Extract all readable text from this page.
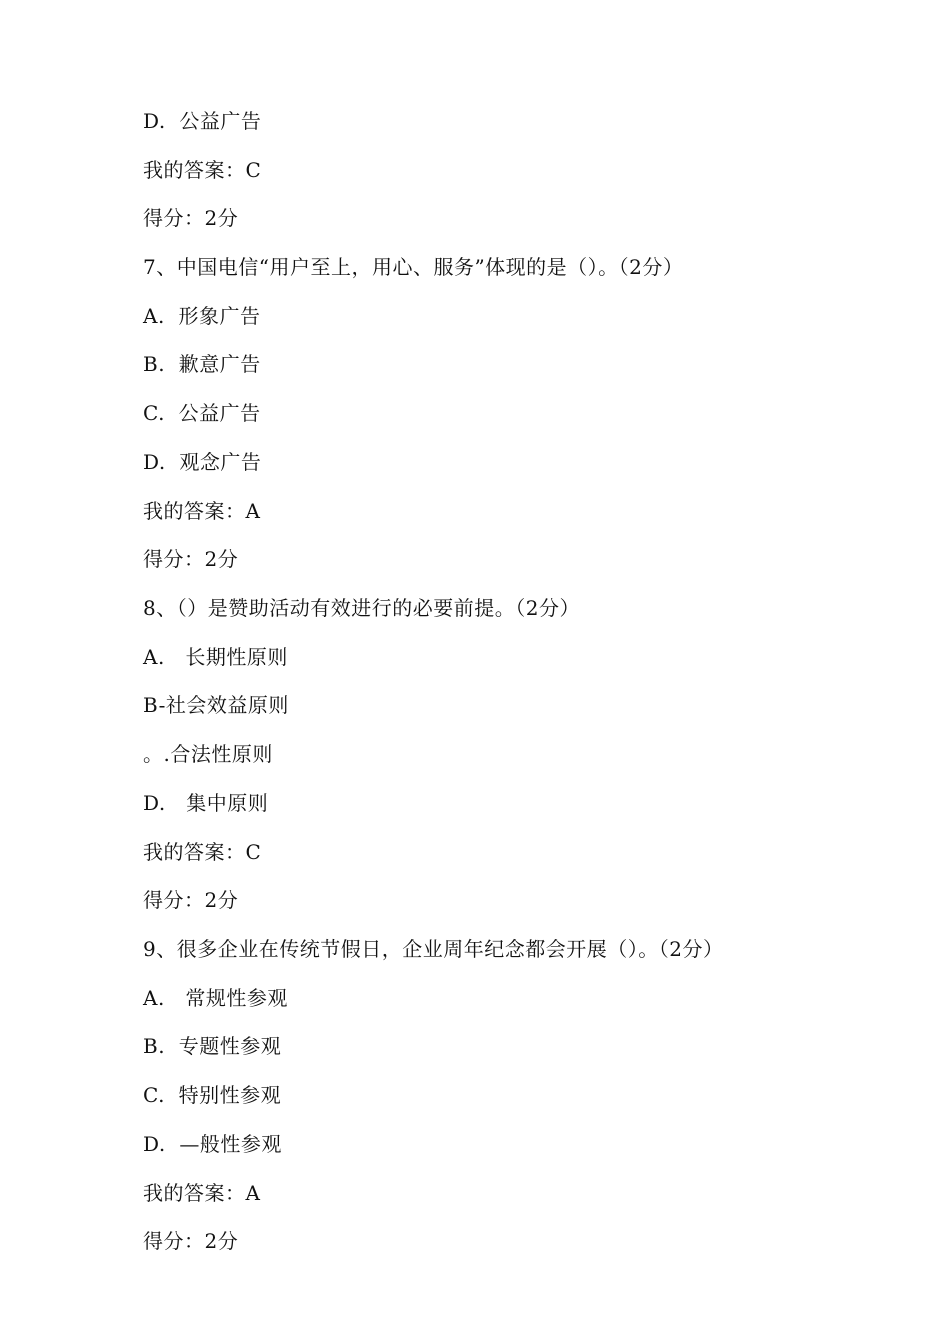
D.  公益广告
我的答案：C
得分：2分
7、中国电信“用户至上，用心、服务”体现的是（）。（2分）
A.  形象广告
B.  歉意广告
C.  公益广告
D.  观念广告
我的答案：A
得分：2分
8、（）是赞助活动有效进行的必要前提。（2分）
A.   长期性原则
B-社会效益原则
。.合法性原则
D.   集中原则
我的答案：C
得分：2分
9、很多企业在传统节假日，企业周年纪念都会开展（）。（2分）
A.   常规性参观
B.  专题性参观
C.  特别性参观
D.  —般性参观
我的答案：A
得分：2分
